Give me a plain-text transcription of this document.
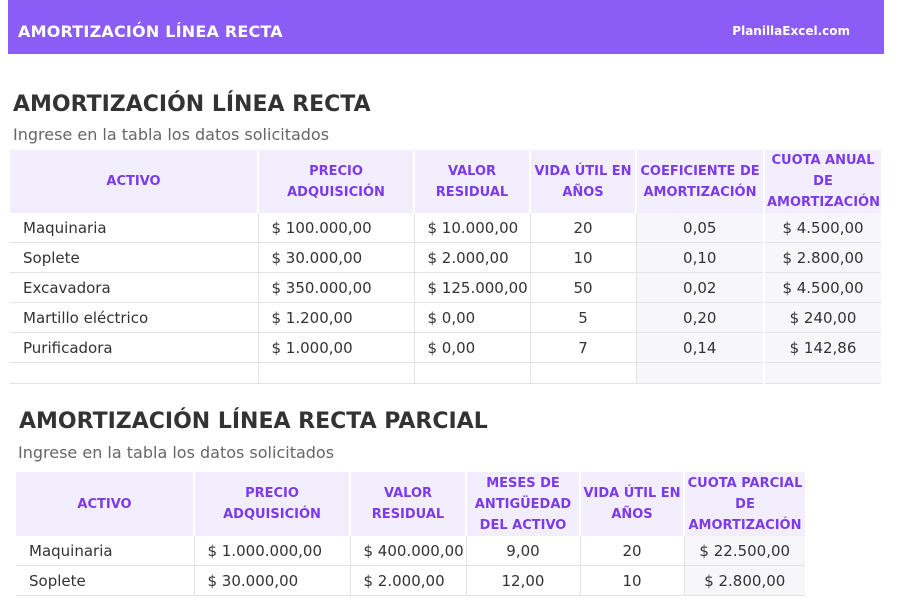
AMORTIZACIÓN LÍNEA RECTA	PlanillaExcel.com
AMORTIZACIÓN LÍNEA RECTA
Ingrese en la tabla los datos solicitados
ACTIVO	PRECIO ADQUISICIÓN	VALOR RESIDUAL	VIDA ÚTIL EN AÑOS	COEFICIENTE DE AMORTIZACIÓN	CUOTA ANUAL DE AMORTIZACIÓN
Maquinaria	$ 100.000,00	$ 10.000,00	20	0,05	$ 4.500,00
Soplete	$ 30.000,00	$ 2.000,00	10	0,10	$ 2.800,00
Excavadora	$ 350.000,00	$ 125.000,00	50	0,02	$ 4.500,00
Martillo eléctrico	$ 1.200,00	$ 0,00	5	0,20	$ 240,00
Purificadora	$ 1.000,00	$ 0,00	7	0,14	$ 142,86

AMORTIZACIÓN LÍNEA RECTA PARCIAL
Ingrese en la tabla los datos solicitados
ACTIVO	PRECIO ADQUISICIÓN	VALOR RESIDUAL	MESES DE ANTIGÜEDAD DEL ACTIVO	VIDA ÚTIL EN AÑOS	CUOTA PARCIAL DE AMORTIZACIÓN
Maquinaria	$ 1.000.000,00	$ 400.000,00	9,00	20	$ 22.500,00
Soplete	$ 30.000,00	$ 2.000,00	12,00	10	$ 2.800,00
